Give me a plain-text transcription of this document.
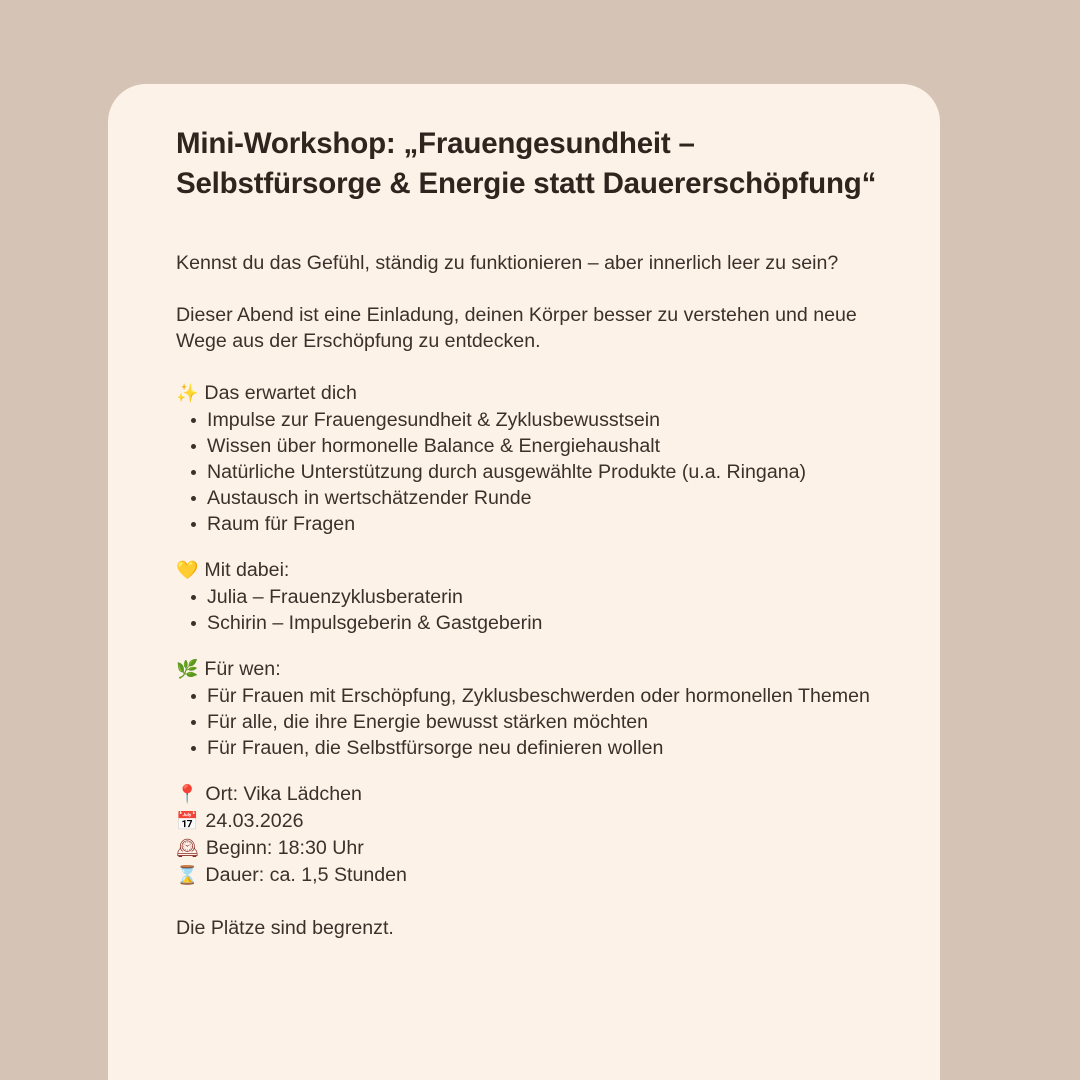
Mini-Workshop: „Frauengesundheit – Selbstfürsorge & Energie statt Dauererschöpfung“

Kennst du das Gefühl, ständig zu funktionieren – aber innerlich leer zu sein?

Dieser Abend ist eine Einladung, deinen Körper besser zu verstehen und neue Wege aus der Erschöpfung zu entdecken.

✨ Das erwartet dich
Impulse zur Frauengesundheit & Zyklusbewusstsein
Wissen über hormonelle Balance & Energiehaushalt
Natürliche Unterstützung durch ausgewählte Produkte (u.a. Ringana)
Austausch in wertschätzender Runde
Raum für Fragen
💛 Mit dabei:
Julia – Frauenzyklusberaterin
Schirin – Impulsgeberin & Gastgeberin
🌿 Für wen:
Für Frauen mit Erschöpfung, Zyklusbeschwerden oder hormonellen Themen
Für alle, die ihre Energie bewusst stärken möchten
Für Frauen, die Selbstfürsorge neu definieren wollen
📍 Ort: Vika Lädchen
📅 24.03.2026
🕰 Beginn: 18:30 Uhr
⌛ Dauer: ca. 1,5 Stunden

Die Plätze sind begrenzt.
